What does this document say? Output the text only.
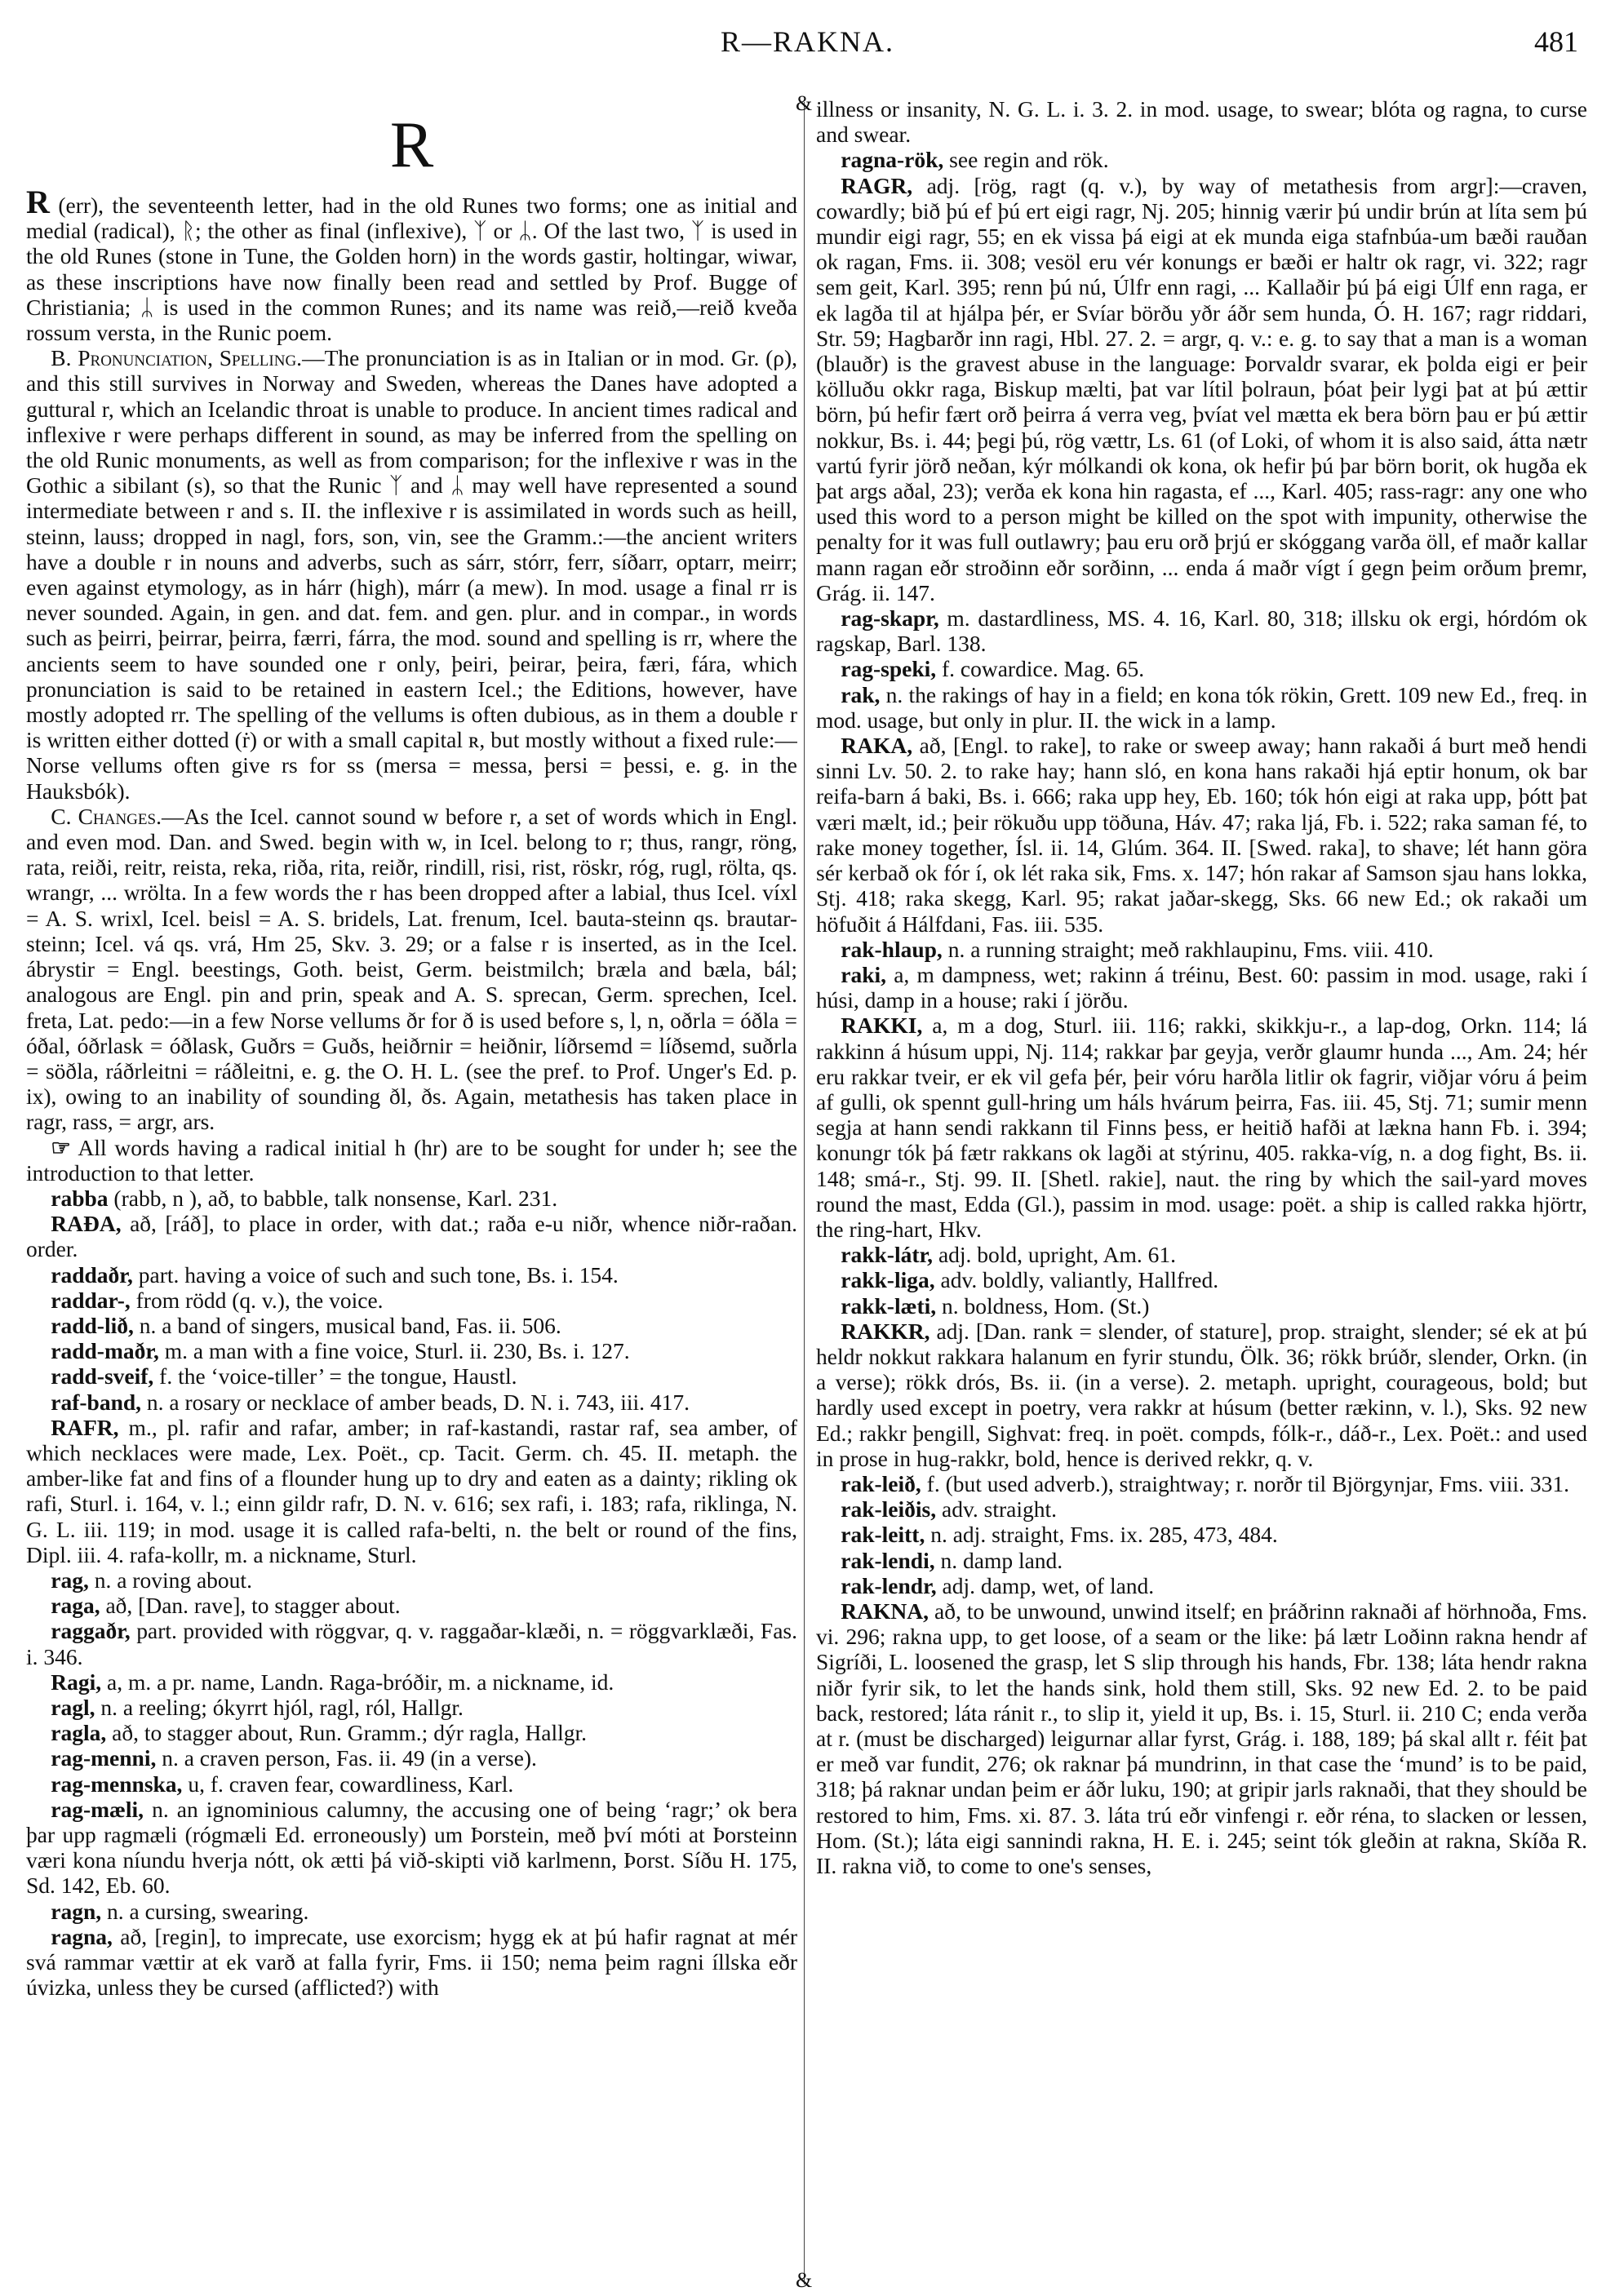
R—RAKNA.	481
&
&
R

R (err), the seventeenth letter, had in the old Runes two forms; one as initial and medial (radical), ᚱ; the other as final (inflexive), ᛉ or ᛦ. Of the last two, ᛉ is used in the old Runes (stone in Tune, the Golden horn) in the words gastir, holtingar, wiwar, as these inscriptions have now finally been read and settled by Prof. Bugge of Christiania; ᛦ is used in the common Runes; and its name was reið,—reið kveða rossum versta, in the Runic poem.

B. Pronunciation, Spelling.—The pronunciation is as in Italian or in mod. Gr. (ρ), and this still survives in Norway and Sweden, whereas the Danes have adopted a guttural r, which an Icelandic throat is unable to produce. In ancient times radical and inflexive r were perhaps different in sound, as may be inferred from the spelling on the old Runic monuments, as well as from comparison; for the inflexive r was in the Gothic a sibilant (s), so that the Runic ᛉ and ᛦ may well have represented a sound intermediate between r and s. II. the inflexive r is assimilated in words such as heill, steinn, lauss; dropped in nagl, fors, son, vin, see the Gramm.:—the ancient writers have a double r in nouns and adverbs, such as sárr, stórr, ferr, síðarr, optarr, meirr; even against etymology, as in hárr (high), márr (a mew). In mod. usage a final rr is never sounded. Again, in gen. and dat. fem. and gen. plur. and in compar., in words such as þeirri, þeirrar, þeirra, færri, fárra, the mod. sound and spelling is rr, where the ancients seem to have sounded one r only, þeiri, þeirar, þeira, færi, fára, which pronunciation is said to be retained in eastern Icel.; the Editions, however, have mostly adopted rr. The spelling of the vellums is often dubious, as in them a double r is written either dotted (ṙ) or with a small capital ʀ, but mostly without a fixed rule:—Norse vellums often give rs for ss (mersa = messa, þersi = þessi, e. g. in the Hauksbók).

C. Changes.—As the Icel. cannot sound w before r, a set of words which in Engl. and even mod. Dan. and Swed. begin with w, in Icel. belong to r; thus, rangr, röng, rata, reiði, reitr, reista, reka, riða, rita, reiðr, rindill, risi, rist, röskr, róg, rugl, rölta, qs. wrangr, ... wrölta. In a few words the r has been dropped after a labial, thus Icel. víxl = A. S. wrixl, Icel. beisl = A. S. bridels, Lat. frenum, Icel. bauta-steinn qs. brautar-steinn; Icel. vá qs. vrá, Hm 25, Skv. 3. 29; or a false r is inserted, as in the Icel. ábrystir = Engl. beestings, Goth. beist, Germ. beistmilch; bræla and bæla, bál; analogous are Engl. pin and prin, speak and A. S. sprecan, Germ. sprechen, Icel. freta, Lat. pedo:—in a few Norse vellums ðr for ð is used before s, l, n, oðrla = óðla = óðal, óðrlask = óðlask, Guðrs = Guðs, heiðrnir = heiðnir, líðrsemd = líðsemd, suðrla = söðla, ráðrleitni = ráðleitni, e. g. the O. H. L. (see the pref. to Prof. Unger's Ed. p. ix), owing to an inability of sounding ðl, ðs. Again, metathesis has taken place in ragr, rass, = argr, ars.

☞ All words having a radical initial h (hr) are to be sought for under h; see the introduction to that letter.

rabba (rabb, n ), að, to babble, talk nonsense, Karl. 231.

RAÐA, að, [ráð], to place in order, with dat.; raða e-u niðr, whence niðr-raðan. order.

raddaðr, part. having a voice of such and such tone, Bs. i. 154.

raddar-, from rödd (q. v.), the voice.

radd-lið, n. a band of singers, musical band, Fas. ii. 506.

radd-maðr, m. a man with a fine voice, Sturl. ii. 230, Bs. i. 127.

radd-sveif, f. the ‘voice-tiller’ = the tongue, Haustl.

raf-band, n. a rosary or necklace of amber beads, D. N. i. 743, iii. 417.

RAFR, m., pl. rafir and rafar, amber; in raf-kastandi, rastar raf, sea amber, of which necklaces were made, Lex. Poët., cp. Tacit. Germ. ch. 45. II. metaph. the amber-like fat and fins of a flounder hung up to dry and eaten as a dainty; rikling ok rafi, Sturl. i. 164, v. l.; einn gildr rafr, D. N. v. 616; sex rafi, i. 183; rafa, riklinga, N. G. L. iii. 119; in mod. usage it is called rafa-belti, n. the belt or round of the fins, Dipl. iii. 4. rafa-kollr, m. a nickname, Sturl.

rag, n. a roving about.

raga, að, [Dan. rave], to stagger about.

raggaðr, part. provided with röggvar, q. v. raggaðar-klæði, n. = röggvarklæði, Fas. i. 346.

Ragi, a, m. a pr. name, Landn. Raga-bróðir, m. a nickname, id.

ragl, n. a reeling; ókyrrt hjól, ragl, ról, Hallgr.

ragla, að, to stagger about, Run. Gramm.; dýr ragla, Hallgr.

rag-menni, n. a craven person, Fas. ii. 49 (in a verse).

rag-mennska, u, f. craven fear, cowardliness, Karl.

rag-mæli, n. an ignominious calumny, the accusing one of being ‘ragr;’ ok bera þar upp ragmæli (rógmæli Ed. erroneously) um Þorstein, með því móti at Þorsteinn væri kona níundu hverja nótt, ok ætti þá við-skipti við karlmenn, Þorst. Síðu H. 175, Sd. 142, Eb. 60.

ragn, n. a cursing, swearing.

ragna, að, [regin], to imprecate, use exorcism; hygg ek at þú hafir ragnat at mér svá rammar vættir at ek varð at falla fyrir, Fms. ii 150; nema þeim ragni íllska eðr úvizka, unless they be cursed (afflicted?) with

illness or insanity, N. G. L. i. 3. 2. in mod. usage, to swear; blóta og ragna, to curse and swear.

ragna-rök, see regin and rök.

RAGR, adj. [rög, ragt (q. v.), by way of metathesis from argr]:—craven, cowardly; bið þú ef þú ert eigi ragr, Nj. 205; hinnig værir þú undir brún at líta sem þú mundir eigi ragr, 55; en ek vissa þá eigi at ek munda eiga stafnbúa-um bæði rauðan ok ragan, Fms. ii. 308; vesöl eru vér konungs er bæði er haltr ok ragr, vi. 322; ragr sem geit, Karl. 395; renn þú nú, Úlfr enn ragi, ... Kallaðir þú þá eigi Úlf enn raga, er ek lagða til at hjálpa þér, er Svíar börðu yðr áðr sem hunda, Ó. H. 167; ragr riddari, Str. 59; Hagbarðr inn ragi, Hbl. 27. 2. = argr, q. v.: e. g. to say that a man is a woman (blauðr) is the gravest abuse in the language: Þorvaldr svarar, ek þolda eigi er þeir kölluðu okkr raga, Biskup mælti, þat var lítil þolraun, þóat þeir lygi þat at þú ættir börn, þú hefir fært orð þeirra á verra veg, þvíat vel mætta ek bera börn þau er þú ættir nokkur, Bs. i. 44; þegi þú, rög vættr, Ls. 61 (of Loki, of whom it is also said, átta nætr vartú fyrir jörð neðan, kýr mólkandi ok kona, ok hefir þú þar börn borit, ok hugða ek þat args aðal, 23); verða ek kona hin ragasta, ef ..., Karl. 405; rass-ragr: any one who used this word to a person might be killed on the spot with impunity, otherwise the penalty for it was full outlawry; þau eru orð þrjú er skóggang varða öll, ef maðr kallar mann ragan eðr stroðinn eðr sorðinn, ... enda á maðr vígt í gegn þeim orðum þremr, Grág. ii. 147.

rag-skapr, m. dastardliness, MS. 4. 16, Karl. 80, 318; illsku ok ergi, hórdóm ok ragskap, Barl. 138.

rag-speki, f. cowardice. Mag. 65.

rak, n. the rakings of hay in a field; en kona tók rökin, Grett. 109 new Ed., freq. in mod. usage, but only in plur. II. the wick in a lamp.

RAKA, að, [Engl. to rake], to rake or sweep away; hann rakaði á burt með hendi sinni Lv. 50. 2. to rake hay; hann sló, en kona hans rakaði hjá eptir honum, ok bar reifa-barn á baki, Bs. i. 666; raka upp hey, Eb. 160; tók hón eigi at raka upp, þótt þat væri mælt, id.; þeir rökuðu upp töðuna, Háv. 47; raka ljá, Fb. i. 522; raka saman fé, to rake money together, Ísl. ii. 14, Glúm. 364. II. [Swed. raka], to shave; lét hann göra sér kerbað ok fór í, ok lét raka sik, Fms. x. 147; hón rakar af Samson sjau hans lokka, Stj. 418; raka skegg, Karl. 95; rakat jaðar-skegg, Sks. 66 new Ed.; ok rakaði um höfuðit á Hálfdani, Fas. iii. 535.

rak-hlaup, n. a running straight; með rakhlaupinu, Fms. viii. 410.

raki, a, m dampness, wet; rakinn á tréinu, Best. 60: passim in mod. usage, raki í húsi, damp in a house; raki í jörðu.

RAKKI, a, m a dog, Sturl. iii. 116; rakki, skikkju-r., a lap-dog, Orkn. 114; lá rakkinn á húsum uppi, Nj. 114; rakkar þar geyja, verðr glaumr hunda ..., Am. 24; hér eru rakkar tveir, er ek vil gefa þér, þeir vóru harðla litlir ok fagrir, viðjar vóru á þeim af gulli, ok spennt gull-hring um háls hvárum þeirra, Fas. iii. 45, Stj. 71; sumir menn segja at hann sendi rakkann til Finns þess, er heitið hafði at lækna hann Fb. i. 394; konungr tók þá fætr rakkans ok lagði at stýrinu, 405. rakka-víg, n. a dog fight, Bs. ii. 148; smá-r., Stj. 99. II. [Shetl. rakie], naut. the ring by which the sail-yard moves round the mast, Edda (Gl.), passim in mod. usage: poët. a ship is called rakka hjörtr, the ring-hart, Hkv.

rakk-látr, adj. bold, upright, Am. 61.

rakk-liga, adv. boldly, valiantly, Hallfred.

rakk-læti, n. boldness, Hom. (St.)

RAKKR, adj. [Dan. rank = slender, of stature], prop. straight, slender; sé ek at þú heldr nokkut rakkara halanum en fyrir stundu, Ölk. 36; rökk brúðr, slender, Orkn. (in a verse); rökk drós, Bs. ii. (in a verse). 2. metaph. upright, courageous, bold; but hardly used except in poetry, vera rakkr at húsum (better rækinn, v. l.), Sks. 92 new Ed.; rakkr þengill, Sighvat: freq. in poët. compds, fólk-r., dáð-r., Lex. Poët.: and used in prose in hug-rakkr, bold, hence is derived rekkr, q. v.

rak-leið, f. (but used adverb.), straightway; r. norðr til Björgynjar, Fms. viii. 331.

rak-leiðis, adv. straight.

rak-leitt, n. adj. straight, Fms. ix. 285, 473, 484.

rak-lendi, n. damp land.

rak-lendr, adj. damp, wet, of land.

RAKNA, að, to be unwound, unwind itself; en þráðrinn raknaði af hörhnoða, Fms. vi. 296; rakna upp, to get loose, of a seam or the like: þá lætr Loðinn rakna hendr af Sigríði, L. loosened the grasp, let S slip through his hands, Fbr. 138; láta hendr rakna niðr fyrir sik, to let the hands sink, hold them still, Sks. 92 new Ed. 2. to be paid back, restored; láta ránit r., to slip it, yield it up, Bs. i. 15, Sturl. ii. 210 C; enda verða at r. (must be discharged) leigurnar allar fyrst, Grág. i. 188, 189; þá skal allt r. féit þat er með var fundit, 276; ok raknar þá mundrinn, in that case the ‘mund’ is to be paid, 318; þá raknar undan þeim er áðr luku, 190; at gripir jarls raknaði, that they should be restored to him, Fms. xi. 87. 3. láta trú eðr vinfengi r. eðr réna, to slacken or lessen, Hom. (St.); láta eigi sannindi rakna, H. E. i. 245; seint tók gleðin at rakna, Skíða R. II. rakna við, to come to one's senses,
